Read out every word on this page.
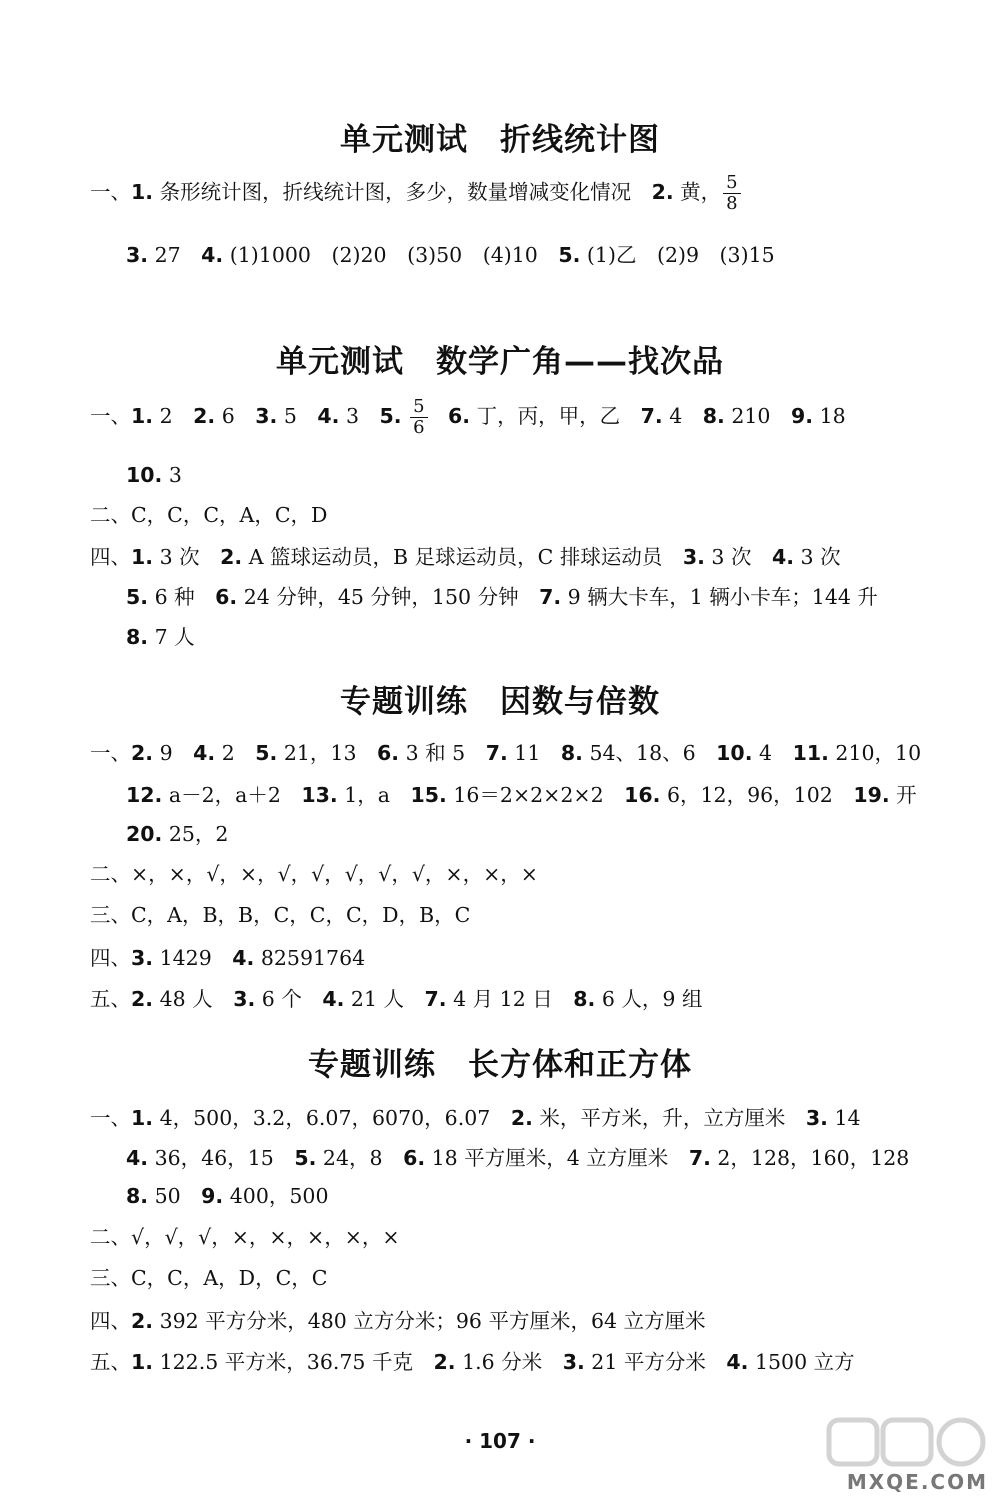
单元测试　折线统计图
一、1. 条形统计图，折线统计图，多少，数量增减变化情况　2. 黄， $\frac{5}{8}$
3. 27　4. (1)1000　(2)20　(3)50　(4)10　5. (1)乙　(2)9　(3)15
单元测试　数学广角——找次品
一、1. 2　2. 6　3. 5　4. 3　5. $\frac{5}{6}$
　 6. 丁，丙，甲，乙　7. 4　8. 210　9. 18
10. 3
二、C，C，C，A，C，D
四、1. 3 次　2. A 篮球运动员，B 足球运动员，C 排球运动员　3. 3 次　4. 3 次
5. 6 种　6. 24 分钟，45 分钟，150 分钟　7. 9 辆大卡车，1 辆小卡车；144 升
8. 7 人
专题训练　因数与倍数
一、2. 9　4. 2　5. 21，13　6. 3 和 5　7. 11　8. 54、18、6　10. 4　11. 210，10
12. a－2，a＋2　13. 1，a　15. 16＝2×2×2×2　16. 6，12，96，102　19. 开
20. 25，2
二、×，×，√，×，√，√，√，√，√，×，×，×
三、C，A，B，B，C，C，C，D，B，C
四、3. 1429　4. 82591764
五、2. 48 人　3. 6 个　4. 21 人　7. 4 月 12 日　8. 6 人，9 组
专题训练　长方体和正方体
一、1. 4，500，3.2，6.07，6070，6.07　2. 米，平方米，升，立方厘米　3. 14
4. 36，46，15　5. 24，8　6. 18 平方厘米，4 立方厘米　7. 2，128，160，128
8. 50　9. 400，500
二、√，√，√，×，×，×，×，×
三、C，C，A，D，C，C
四、2. 392 平方分米，480 立方分米；96 平方厘米，64 立方厘米
五、1. 122.5 平方米，36.75 千克　2. 1.6 分米　3. 21 平方分米　4. 1500 立方
· 107 ·
MXQE.COM
